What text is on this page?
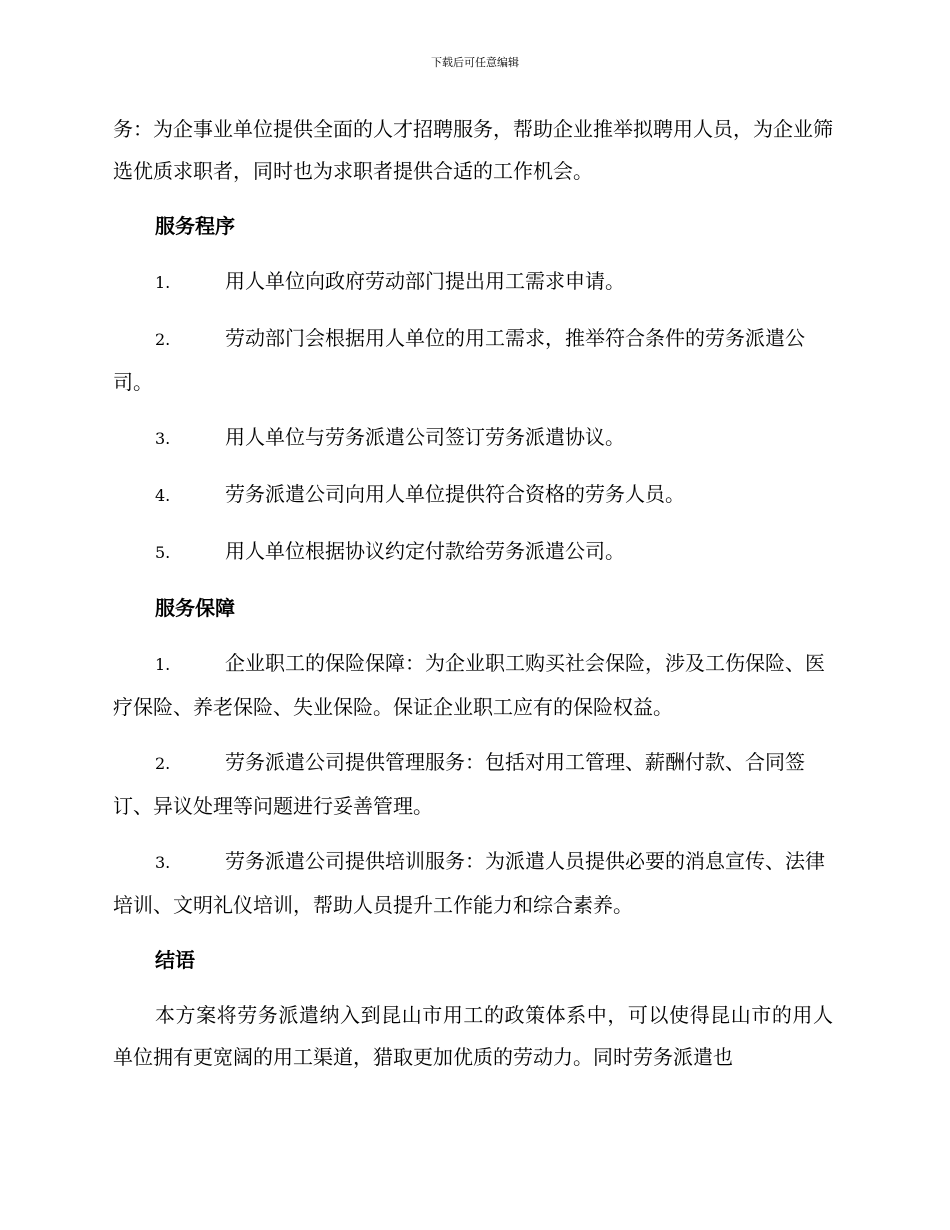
下载后可任意编辑

务：为企事业单位提供全面的人才招聘服务，帮助企业推举拟聘用人员，为企业筛选优质求职者，同时也为求职者提供合适的工作机会。

服务程序
1.	用人单位向政府劳动部门提出用工需求申请。
2.	劳动部门会根据用人单位的用工需求，推举符合条件的劳务派遣公司。
3.	用人单位与劳务派遣公司签订劳务派遣协议。
4.	劳务派遣公司向用人单位提供符合资格的劳务人员。
5.	用人单位根据协议约定付款给劳务派遣公司。
服务保障
1.	企业职工的保险保障：为企业职工购买社会保险，涉及工伤保险、医疗保险、养老保险、失业保险。保证企业职工应有的保险权益。
2.	劳务派遣公司提供管理服务：包括对用工管理、薪酬付款、合同签订、异议处理等问题进行妥善管理。
3.	劳务派遣公司提供培训服务：为派遣人员提供必要的消息宣传、法律培训、文明礼仪培训，帮助人员提升工作能力和综合素养。
结语

本方案将劳务派遣纳入到昆山市用工的政策体系中，可以使得昆山市的用人单位拥有更宽阔的用工渠道，猎取更加优质的劳动力。同时劳务派遣也
